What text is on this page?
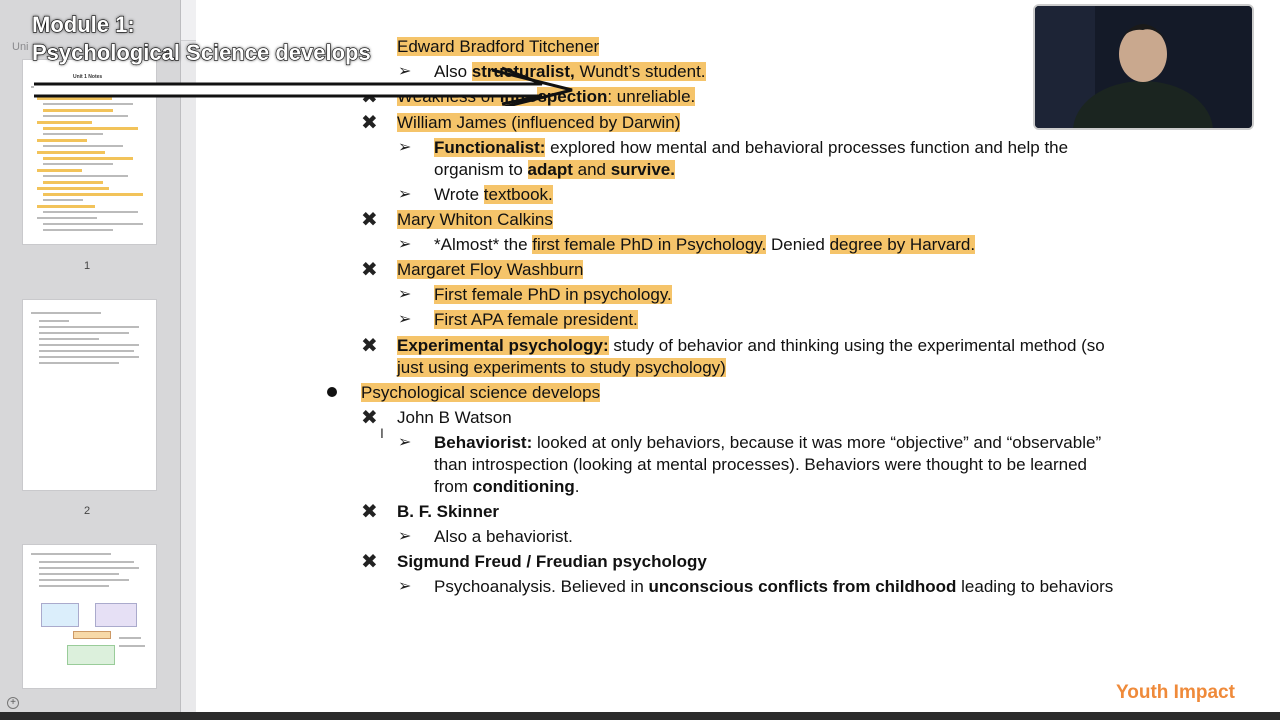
Uni
Unit 1 Notes
1
2
+
Edward Bradford Titchener
➢ Also structuralist, Wundt’s student.
✖ Weakness of introspection: unreliable.
✖ William James (influenced by Darwin)
➢ Functionalist: explored how mental and behavioral processes function and help the
organism to adapt and survive.
➢ Wrote textbook.
✖ Mary Whiton Calkins
➢ *Almost* the first female PhD in Psychology. Denied degree by Harvard.
✖ Margaret Floy Washburn
➢ First female PhD in psychology.
➢ First APA female president.
✖ Experimental psychology: study of behavior and thinking using the experimental method (so
just using experiments to study psychology)
Psychological science develops
✖ John B Watson
➢ Behaviorist: looked at only behaviors, because it was more “objective” and “observable”
than introspection (looking at mental processes). Behaviors were thought to be learned
from conditioning.
✖ B. F. Skinner
➢ Also a behaviorist.
✖ Sigmund Freud / Freudian psychology
➢ Psychoanalysis. Believed in unconscious conflicts from childhood leading to behaviors
I
Module 1:
Psychological Science develops
Youth Impact
